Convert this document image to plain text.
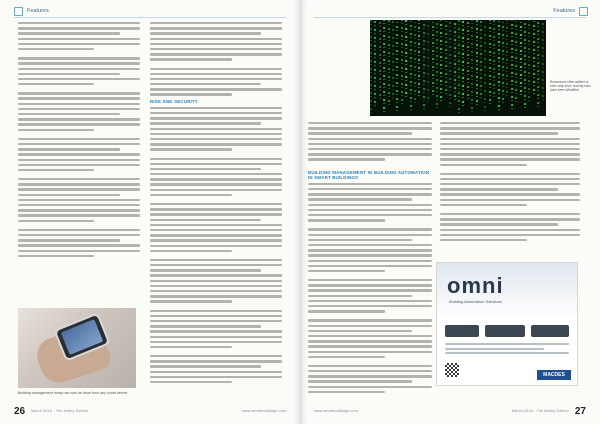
Features
Building management today can now be done from any smart device
RISK AND SECURITY
26 March 2018 · The Ashby Edition	www.smartbuildings.com
Features
BUILDING MANAGEMENT IN BUILDING AUTOMATION IN SMART BUILDINGS
Businesses often adhere to rules only once security risks have been identified
www.smartbuildings.com	March 2018 · The Ashby Edition 27
omni
Building Automation Solutions
MACDES
